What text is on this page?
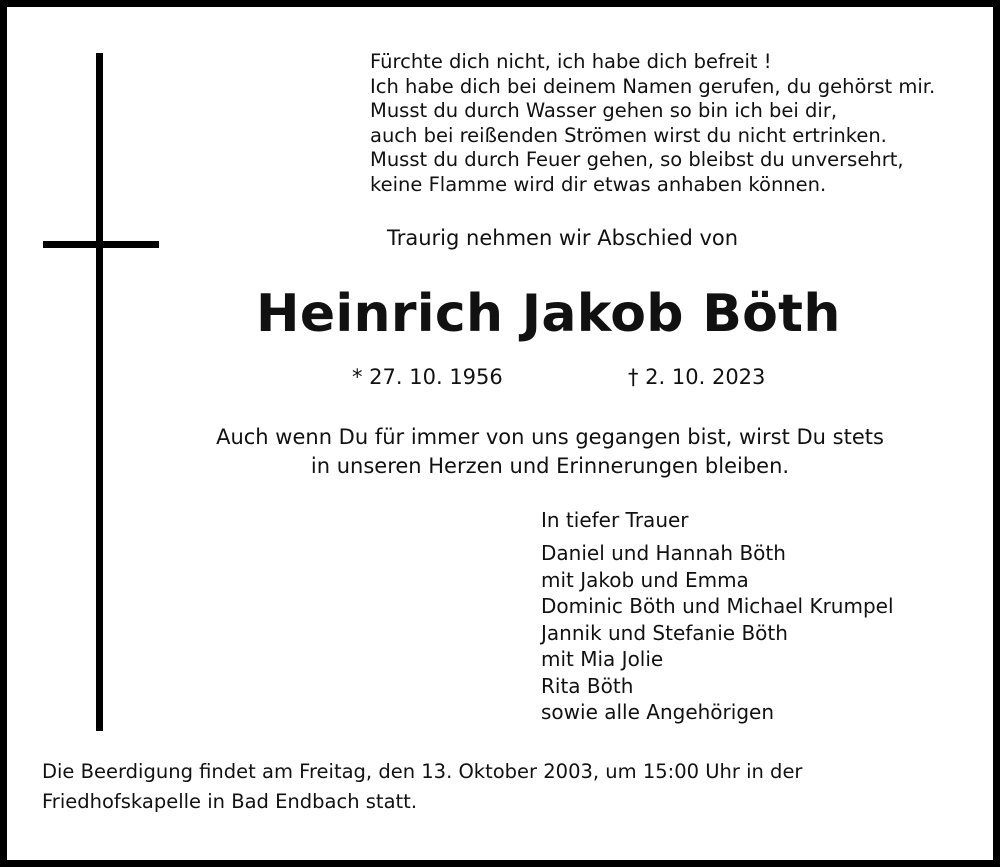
Fürchte dich nicht, ich habe dich befreit !
Ich habe dich bei deinem Namen gerufen, du gehörst mir.
Musst du durch Wasser gehen so bin ich bei dir,
auch bei reißenden Strömen wirst du nicht ertrinken.
Musst du durch Feuer gehen, so bleibst du unversehrt,
keine Flamme wird dir etwas anhaben können.
Traurig nehmen wir Abschied von
Heinrich Jakob Böth
* 27. 10. 1956	† 2. 10. 2023
Auch wenn Du für immer von uns gegangen bist, wirst Du stets
in unseren Herzen und Erinnerungen bleiben.
In tiefer Trauer
Daniel und Hannah Böth
mit Jakob und Emma
Dominic Böth und Michael Krumpel
Jannik und Stefanie Böth
mit Mia Jolie
Rita Böth
sowie alle Angehörigen
Die Beerdigung findet am Freitag, den 13. Oktober 2003, um 15:00 Uhr in der
Friedhofskapelle in Bad Endbach statt.
